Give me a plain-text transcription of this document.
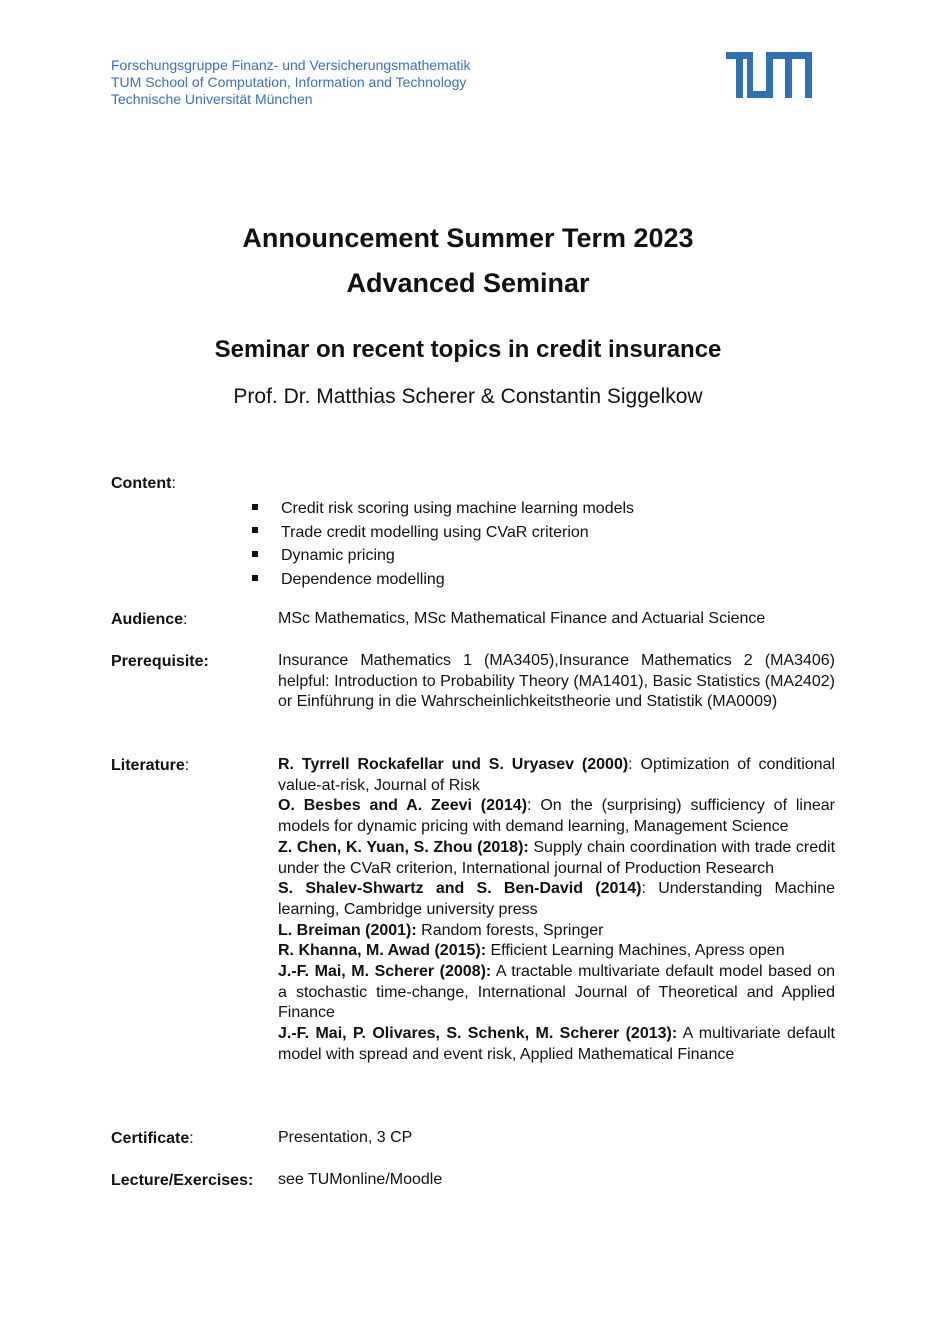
Forschungsgruppe Finanz- und Versicherungsmathematik
TUM School of Computation, Information and Technology
Technische Universität München
Announcement Summer Term 2023
Advanced Seminar
Seminar on recent topics in credit insurance
Prof. Dr. Matthias Scherer & Constantin Siggelkow
Content:
Credit risk scoring using machine learning models
Trade credit modelling using CVaR criterion
Dynamic pricing
Dependence modelling
Audience:	MSc Mathematics, MSc Mathematical Finance and Actuarial Science
Prerequisite:	Insurance Mathematics 1 (MA3405),Insurance Mathematics 2 (MA3406) helpful: Introduction to Probability Theory (MA1401), Basic Statistics (MA2402) or Einführung in die Wahrscheinlichkeitstheorie und Statistik (MA0009)
Literature:	R. Tyrrell Rockafellar und S. Uryasev (2000): Optimization of conditional value-at-risk, Journal of Risk
O. Besbes and A. Zeevi (2014): On the (surprising) sufficiency of linear models for dynamic pricing with demand learning, Management Science
Z. Chen, K. Yuan, S. Zhou (2018): Supply chain coordination with trade credit under the CVaR criterion, International journal of Production Research
S. Shalev-Shwartz and S. Ben-David (2014): Understanding Machine learning, Cambridge university press
L. Breiman (2001): Random forests, Springer
R. Khanna, M. Awad (2015): Efficient Learning Machines, Apress open
J.-F. Mai, M. Scherer (2008): A tractable multivariate default model based on a stochastic time-change, International Journal of Theoretical and Applied Finance
J.-F. Mai, P. Olivares, S. Schenk, M. Scherer (2013): A multivariate default model with spread and event risk, Applied Mathematical Finance
Certificate:	Presentation, 3 CP
Lecture/Exercises: see TUMonline/Moodle
